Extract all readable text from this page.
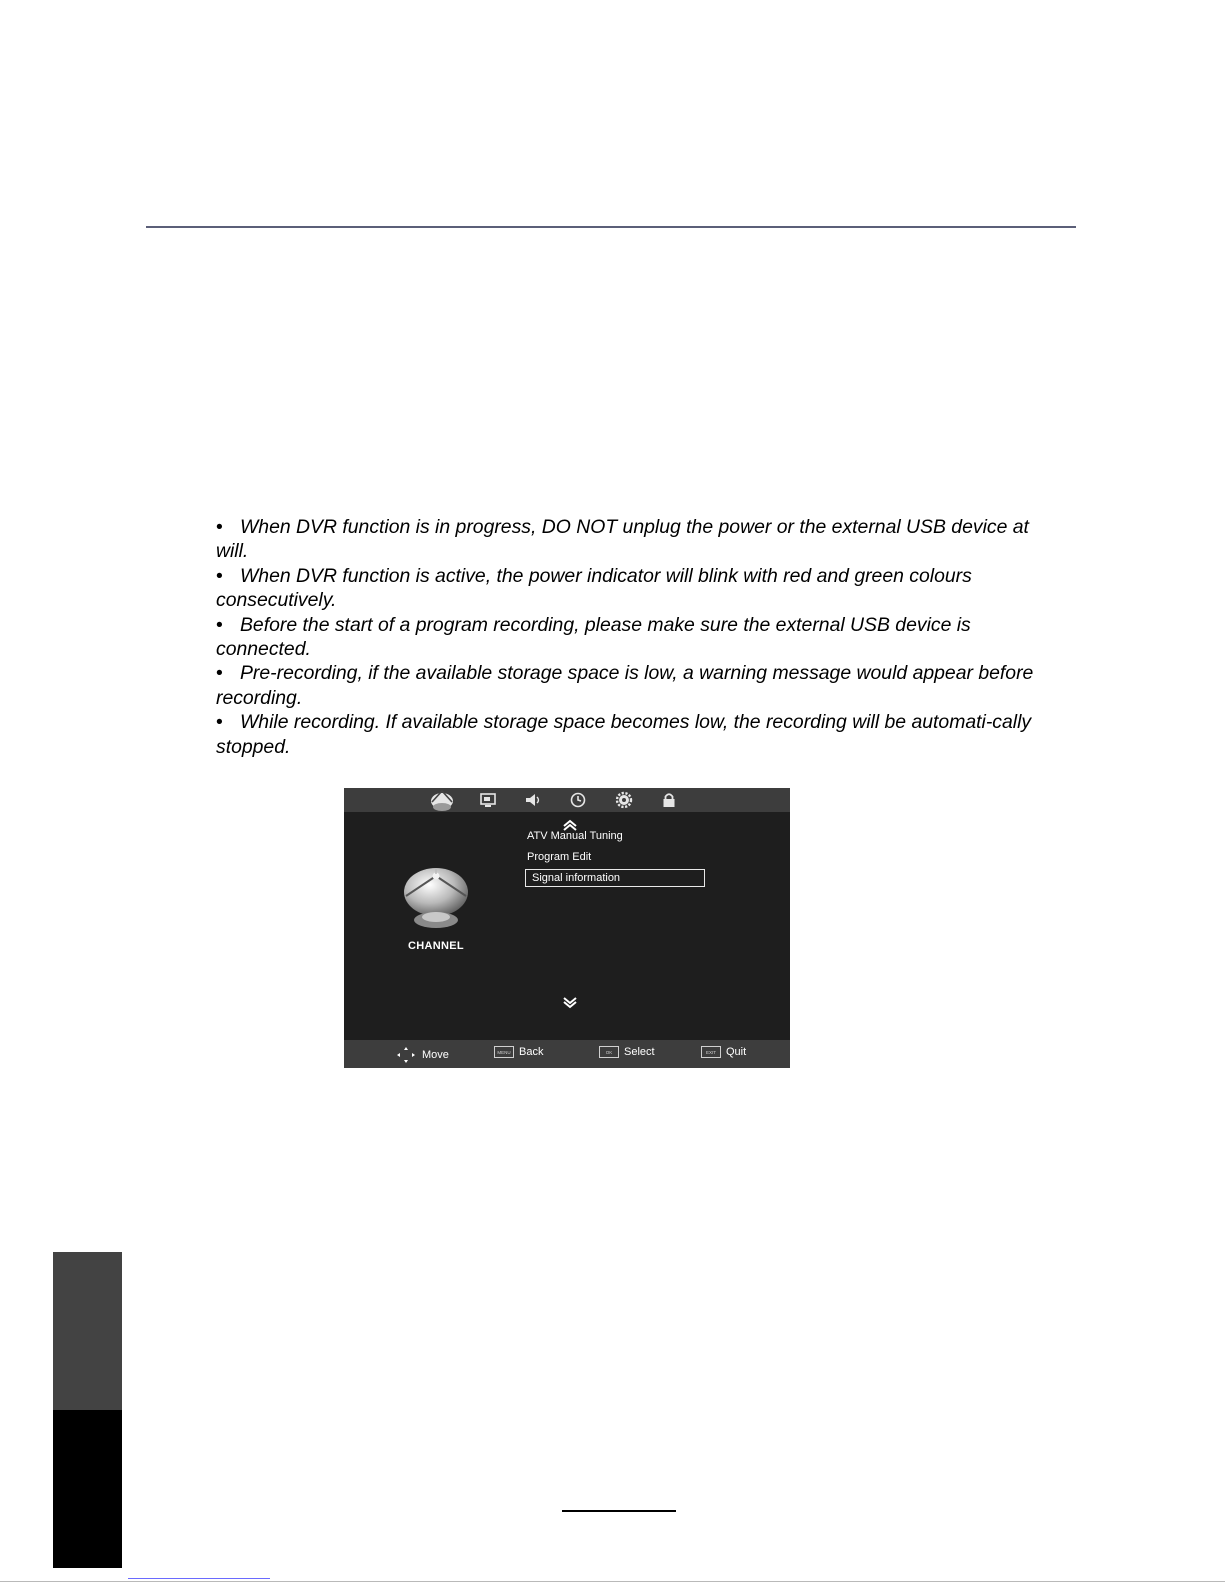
• When DVR function is in progress, DO NOT unplug the power or the external USB device at will.
• When DVR function is active, the power indicator will blink with red and green colours consecutively.
• Before the start of a program recording, please make sure the external USB device is connected.
• Pre-recording, if the available storage space is low, a warning message would appear before recording.
• While recording. If available storage space becomes low, the recording will be automati-cally stopped.
CHANNEL
ATV Manual Tuning
Program Edit
Signal information
Move	MENU Back	OK	Select	EXIT Quit
